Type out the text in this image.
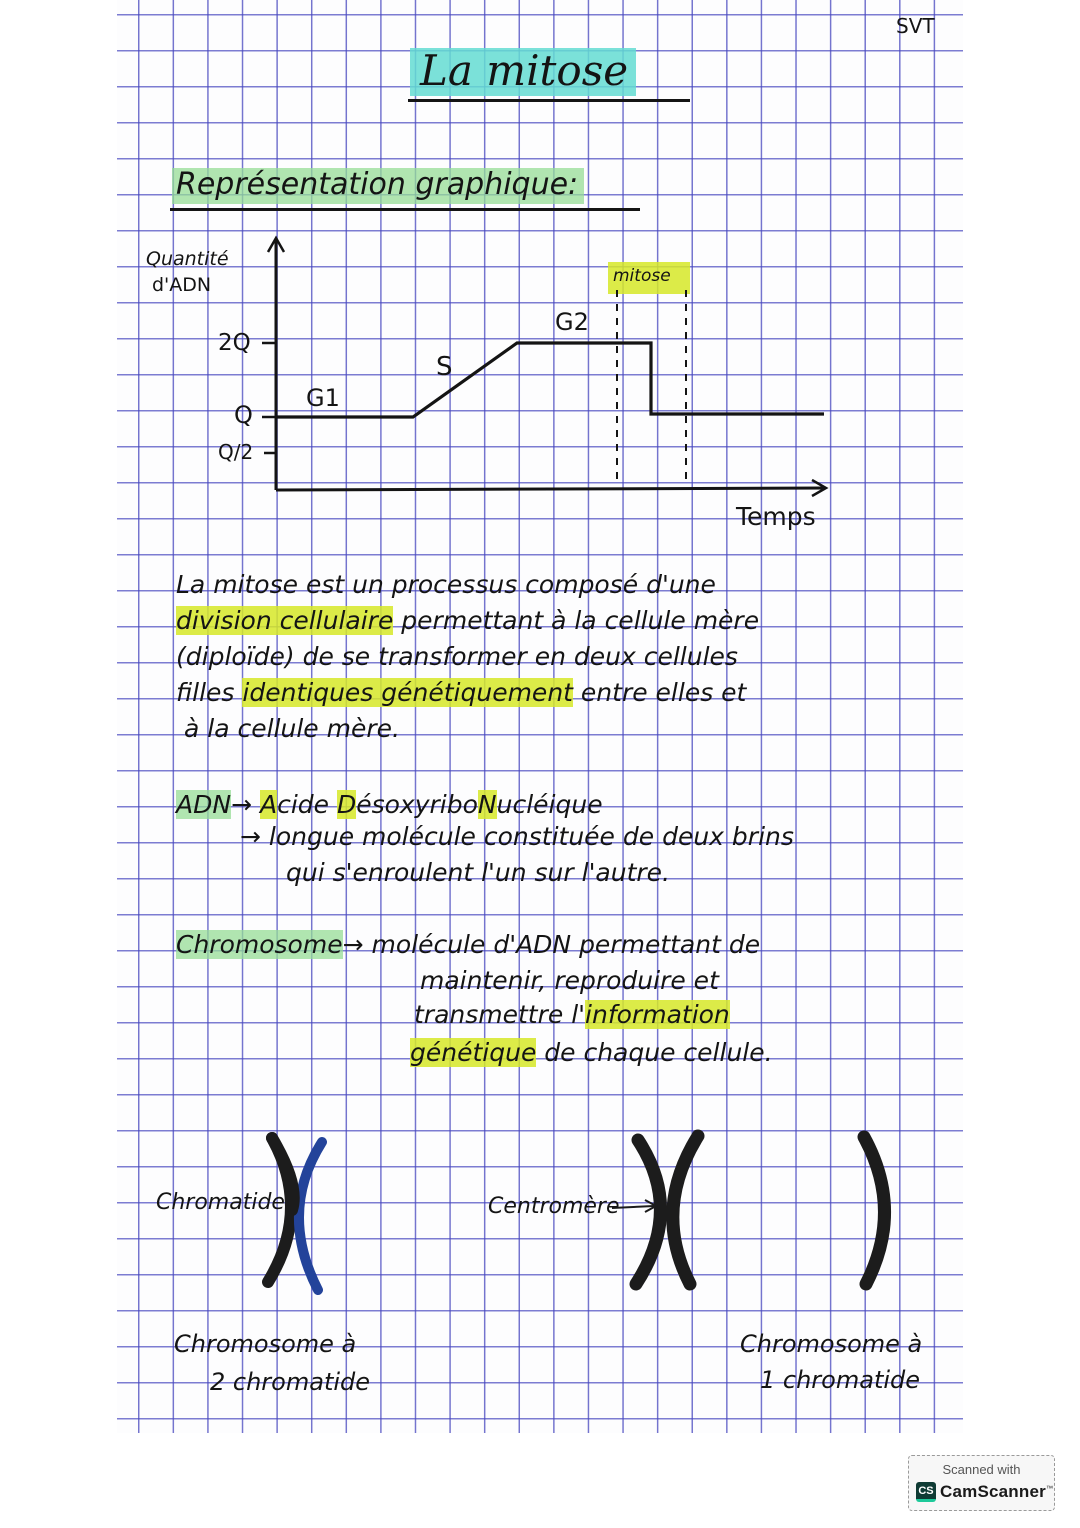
SVT
La mitose
Représentation graphique:
Quantité
d'ADN
2Q
Q
Q/2
G1
S
G2
mitose
Temps
La mitose est un processus composé d'une
division cellulaire permettant à la cellule mère
(diploïde) de se transformer en deux cellules
filles identiques génétiquement entre elles et
à la cellule mère.
ADN→ Acide DésoxyriboNucléique
→ longue molécule constituée de deux brins
qui s'enroulent l'un sur l'autre.
Chromosome→ molécule d'ADN permettant de
maintenir, reproduire et
transmettre l'information
génétique de chaque cellule.
Chromatide	Centromère
Chromosome à
2 chromatide
Chromosome à
1 chromatide
Scanned with
CS CamScanner™
